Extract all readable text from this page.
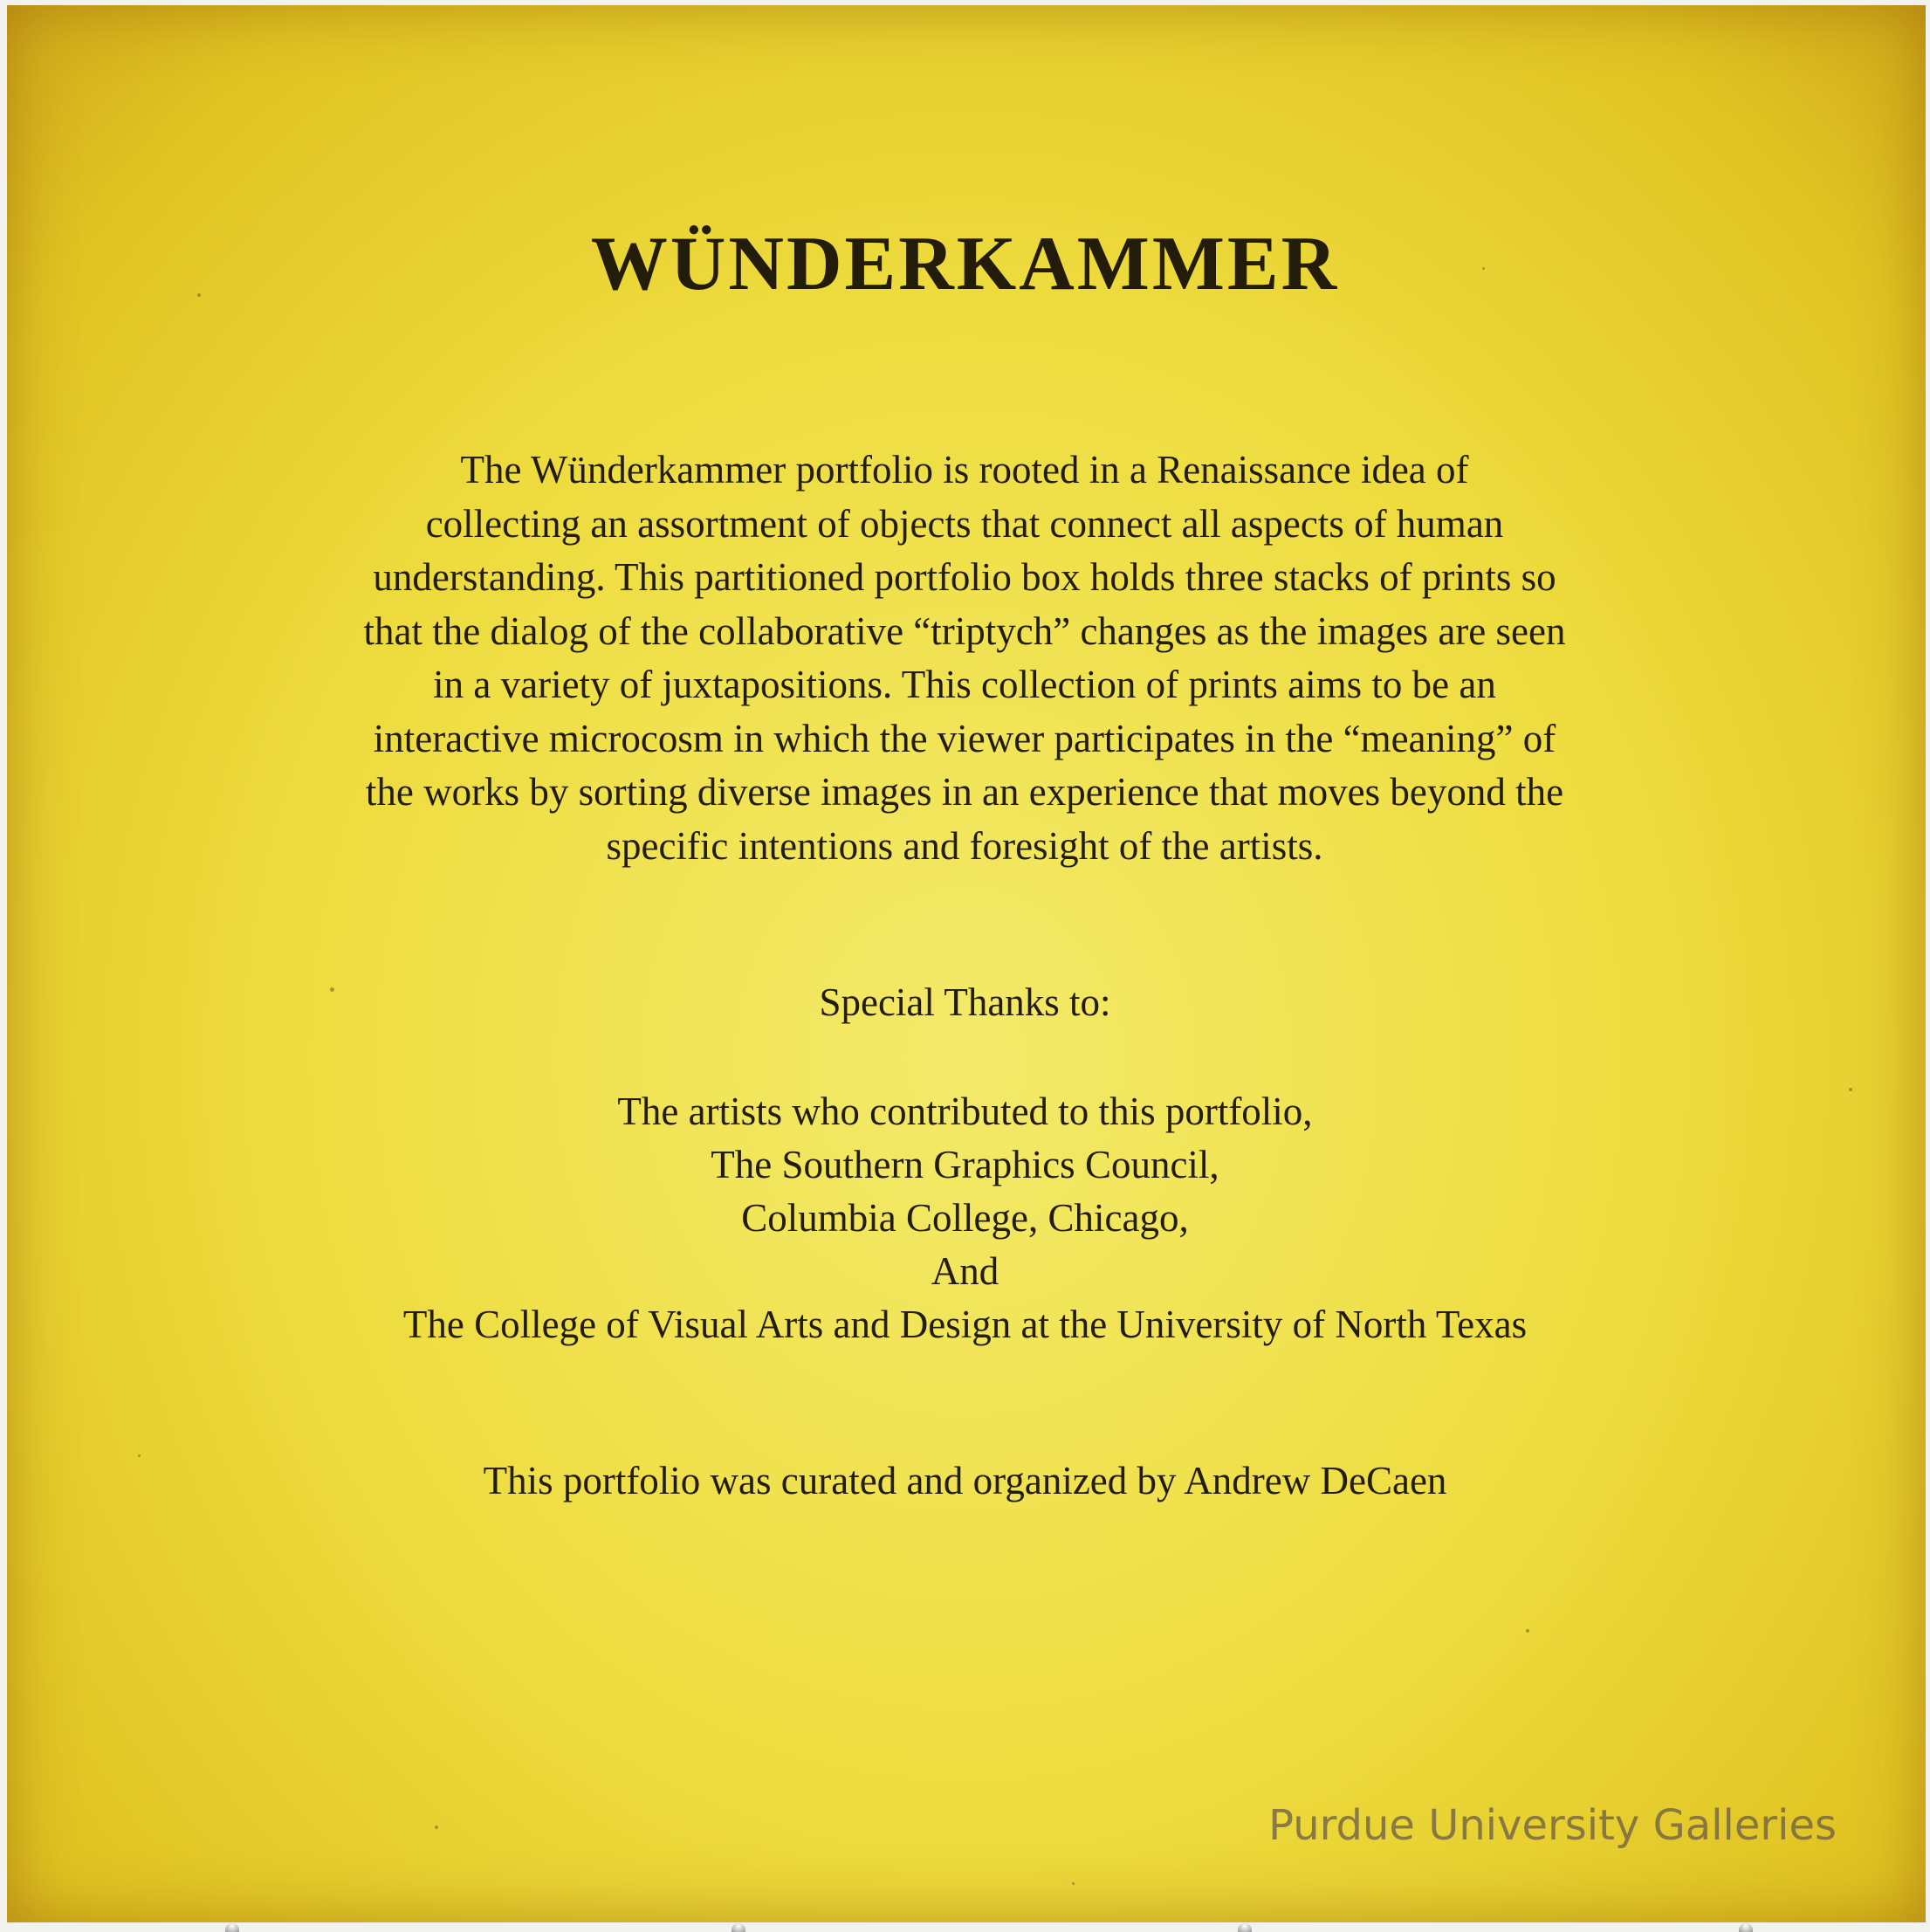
WÜNDERKAMMER

The Wünderkammer portfolio is rooted in a Renaissance idea of
collecting an assortment of objects that connect all aspects of human
understanding. This partitioned portfolio box holds three stacks of prints so
that the dialog of the collaborative “triptych” changes as the images are seen
in a variety of juxtapositions. This collection of prints aims to be an
interactive microcosm in which the viewer participates in the “meaning” of
the works by sorting diverse images in an experience that moves beyond the
specific intentions and foresight of the artists.

Special Thanks to:
The artists who contributed to this portfolio,
The Southern Graphics Council,
Columbia College, Chicago,
And
The College of Visual Arts and Design at the University of North Texas
This portfolio was curated and organized by Andrew DeCaen
Purdue University Galleries
